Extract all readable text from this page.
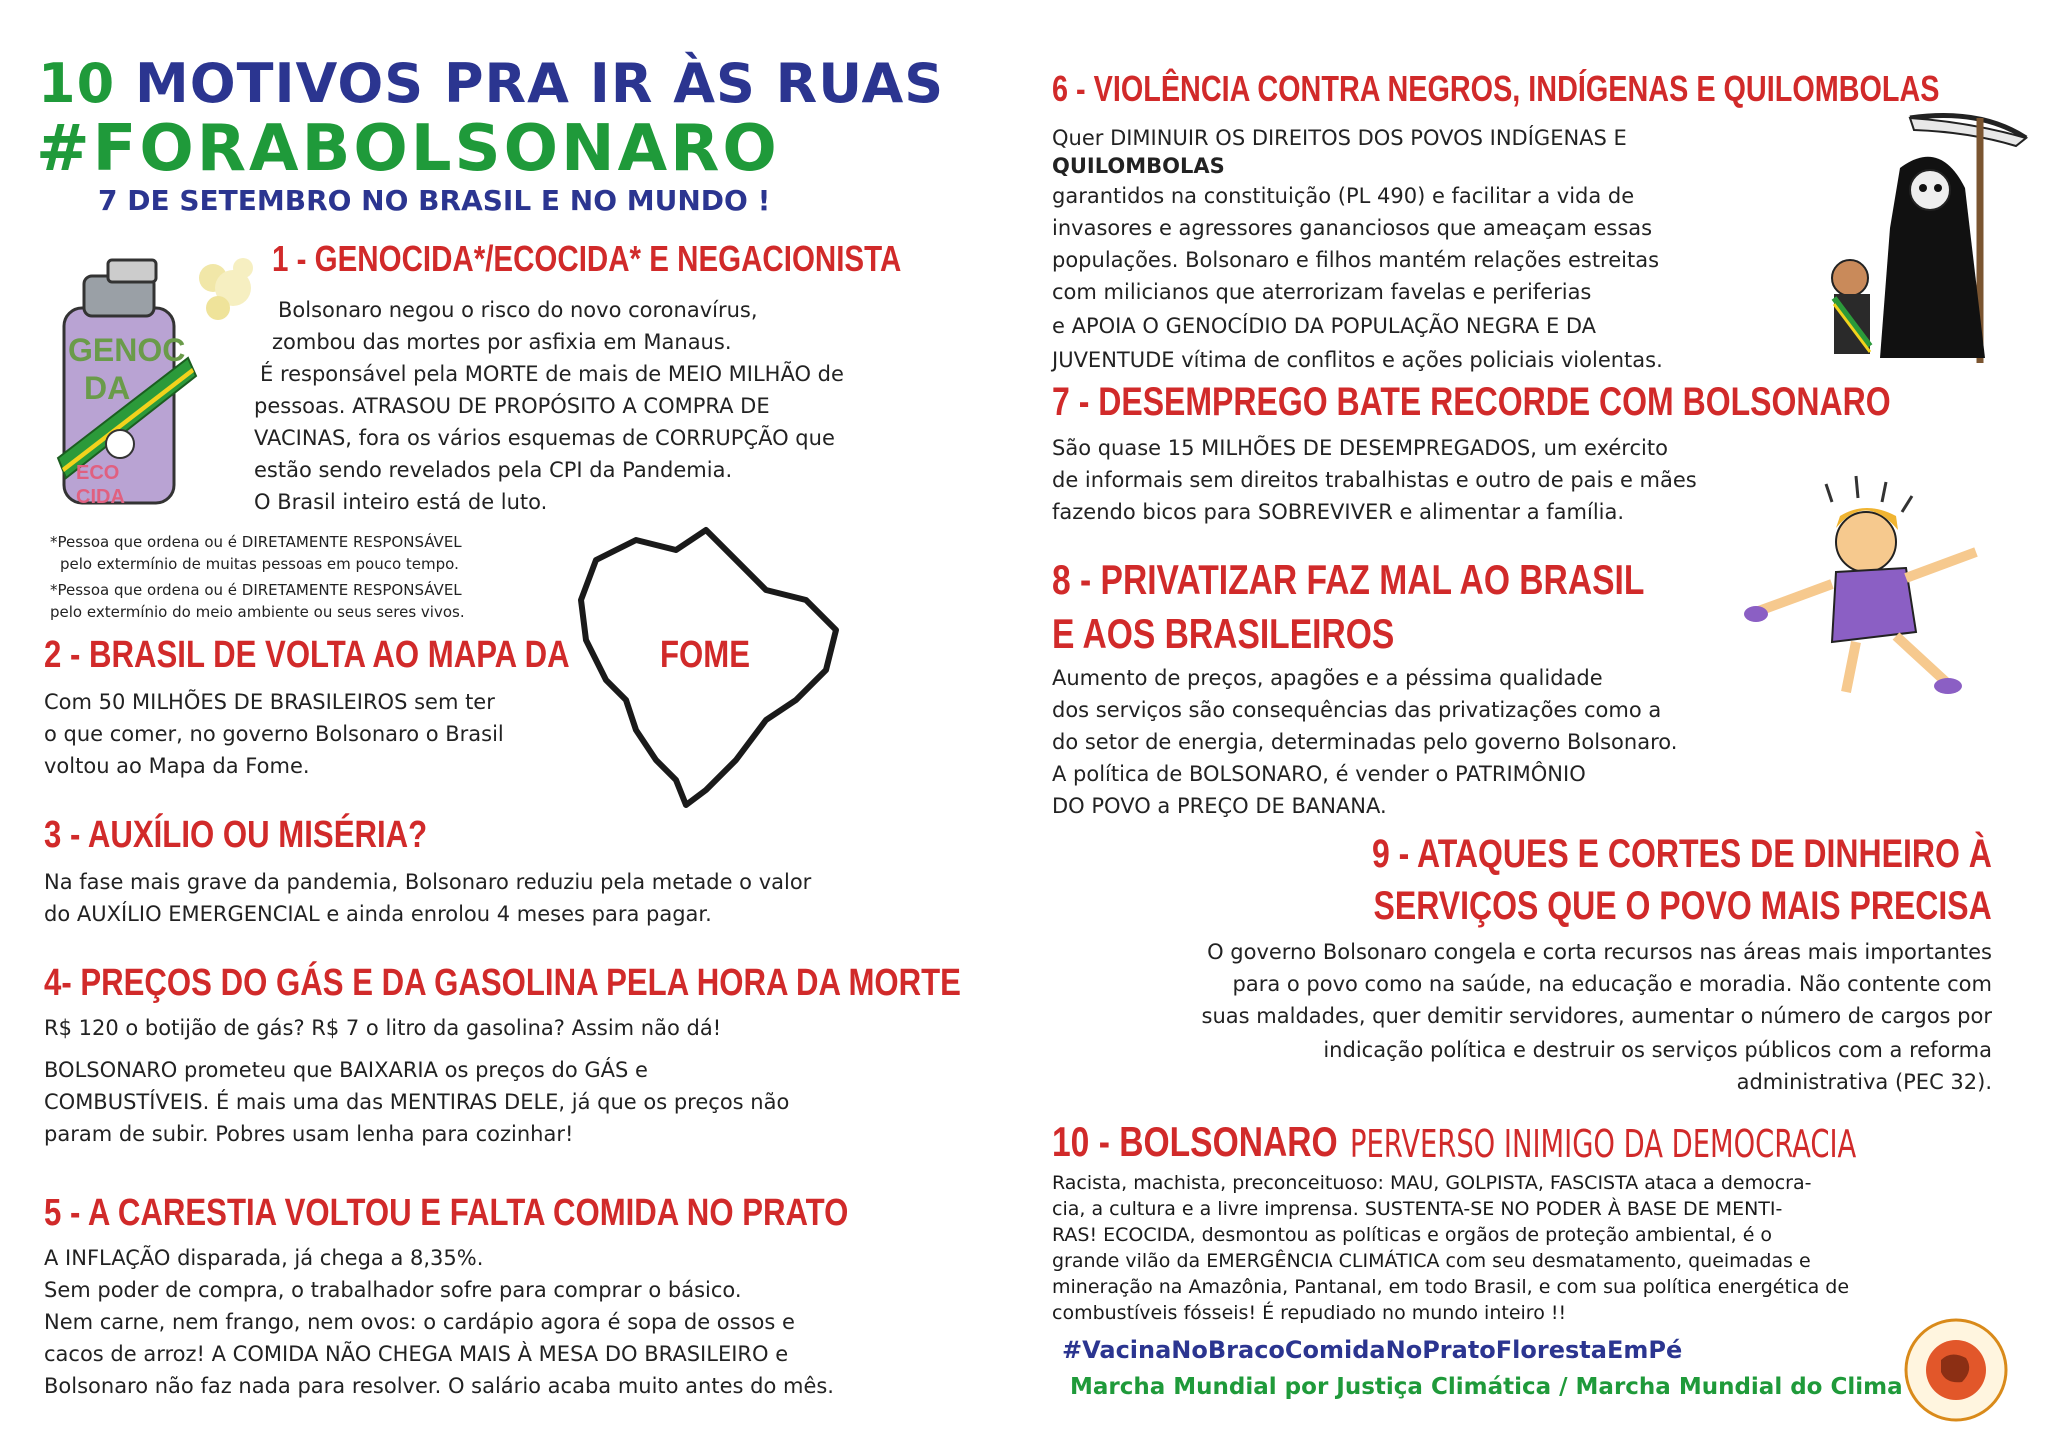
10 MOTIVOS PRA IR ÀS RUAS
#FORABOLSONARO
7 DE SETEMBRO NO BRASIL E NO MUNDO !
GENOC
DA
ECO
CIDA
1 - GENOCIDA*/ECOCIDA* E NEGACIONISTA
Bolsonaro negou o risco do novo coronavírus,
zombou das mortes por asfixia em Manaus.
É responsável pela MORTE de mais de MEIO MILHÃO de
pessoas. ATRASOU DE PROPÓSITO A COMPRA DE
VACINAS, fora os vários esquemas de CORRUPÇÃO que
estão sendo revelados pela CPI da Pandemia.
O Brasil inteiro está de luto.
*Pessoa que ordena ou é DIRETAMENTE RESPONSÁVEL
pelo extermínio de muitas pessoas em pouco tempo.
*Pessoa que ordena ou é DIRETAMENTE RESPONSÁVEL
pelo extermínio do meio ambiente ou seus seres vivos.
2 - BRASIL DE VOLTA AO MAPA DA FOME
Com 50 MILHÕES DE BRASILEIROS sem ter
o que comer, no governo Bolsonaro o Brasil
voltou ao Mapa da Fome.
3 - AUXÍLIO OU MISÉRIA?
Na fase mais grave da pandemia, Bolsonaro reduziu pela metade o valor
do AUXÍLIO EMERGENCIAL e ainda enrolou 4 meses para pagar.
4- PREÇOS DO GÁS E DA GASOLINA PELA HORA DA MORTE
R$ 120 o botijão de gás? R$ 7 o litro da gasolina? Assim não dá!
BOLSONARO prometeu que BAIXARIA os preços do GÁS e
COMBUSTÍVEIS. É mais uma das MENTIRAS DELE, já que os preços não
param de subir. Pobres usam lenha para cozinhar!
5 - A CARESTIA VOLTOU E FALTA COMIDA NO PRATO
A INFLAÇÃO disparada, já chega a 8,35%.
Sem poder de compra, o trabalhador sofre para comprar o básico.
Nem carne, nem frango, nem ovos: o cardápio agora é sopa de ossos e
cacos de arroz! A COMIDA NÃO CHEGA MAIS À MESA DO BRASILEIRO e
Bolsonaro não faz nada para resolver. O salário acaba muito antes do mês.
6 - VIOLÊNCIA CONTRA NEGROS, INDÍGENAS E QUILOMBOLAS
Quer DIMINUIR OS DIREITOS DOS POVOS INDÍGENAS E
QUILOMBOLAS
garantidos na constituição (PL 490) e facilitar a vida de
invasores e agressores gananciosos que ameaçam essas
populações. Bolsonaro e filhos mantém relações estreitas
com milicianos que aterrorizam favelas e periferias
e APOIA O GENOCÍDIO DA POPULAÇÃO NEGRA E DA
JUVENTUDE vítima de conflitos e ações policiais violentas.
7 - DESEMPREGO BATE RECORDE COM BOLSONARO
São quase 15 MILHÕES DE DESEMPREGADOS, um exército
de informais sem direitos trabalhistas e outro de pais e mães
fazendo bicos para SOBREVIVER e alimentar a família.
8 - PRIVATIZAR FAZ MAL AO BRASIL
E AOS BRASILEIROS
Aumento de preços, apagões e a péssima qualidade
dos serviços são consequências das privatizações como a
do setor de energia, determinadas pelo governo Bolsonaro.
A política de BOLSONARO, é vender o PATRIMÔNIO
DO POVO a PREÇO DE BANANA.
9 - ATAQUES E CORTES DE DINHEIRO À
SERVIÇOS QUE O POVO MAIS PRECISA
O governo Bolsonaro congela e corta recursos nas áreas mais importantes
para o povo como na saúde, na educação e moradia. Não contente com
suas maldades, quer demitir servidores, aumentar o número de cargos por
indicação política e destruir os serviços públicos com a reforma
administrativa (PEC 32).
10 - BOLSONARO PERVERSO INIMIGO DA DEMOCRACIA
Racista, machista, preconceituoso: MAU, GOLPISTA, FASCISTA ataca a democra-
cia, a cultura e a livre imprensa. SUSTENTA-SE NO PODER À BASE DE MENTI-
RAS! ECOCIDA, desmontou as políticas e orgãos de proteção ambiental, é o
grande vilão da EMERGÊNCIA CLIMÁTICA com seu desmatamento, queimadas e
mineração na Amazônia, Pantanal, em todo Brasil, e com sua política energética de
combustíveis fósseis! É repudiado no mundo inteiro !!
#VacinaNoBracoComidaNoPratoFlorestaEmPé
Marcha Mundial por Justiça Climática / Marcha Mundial do Clima
